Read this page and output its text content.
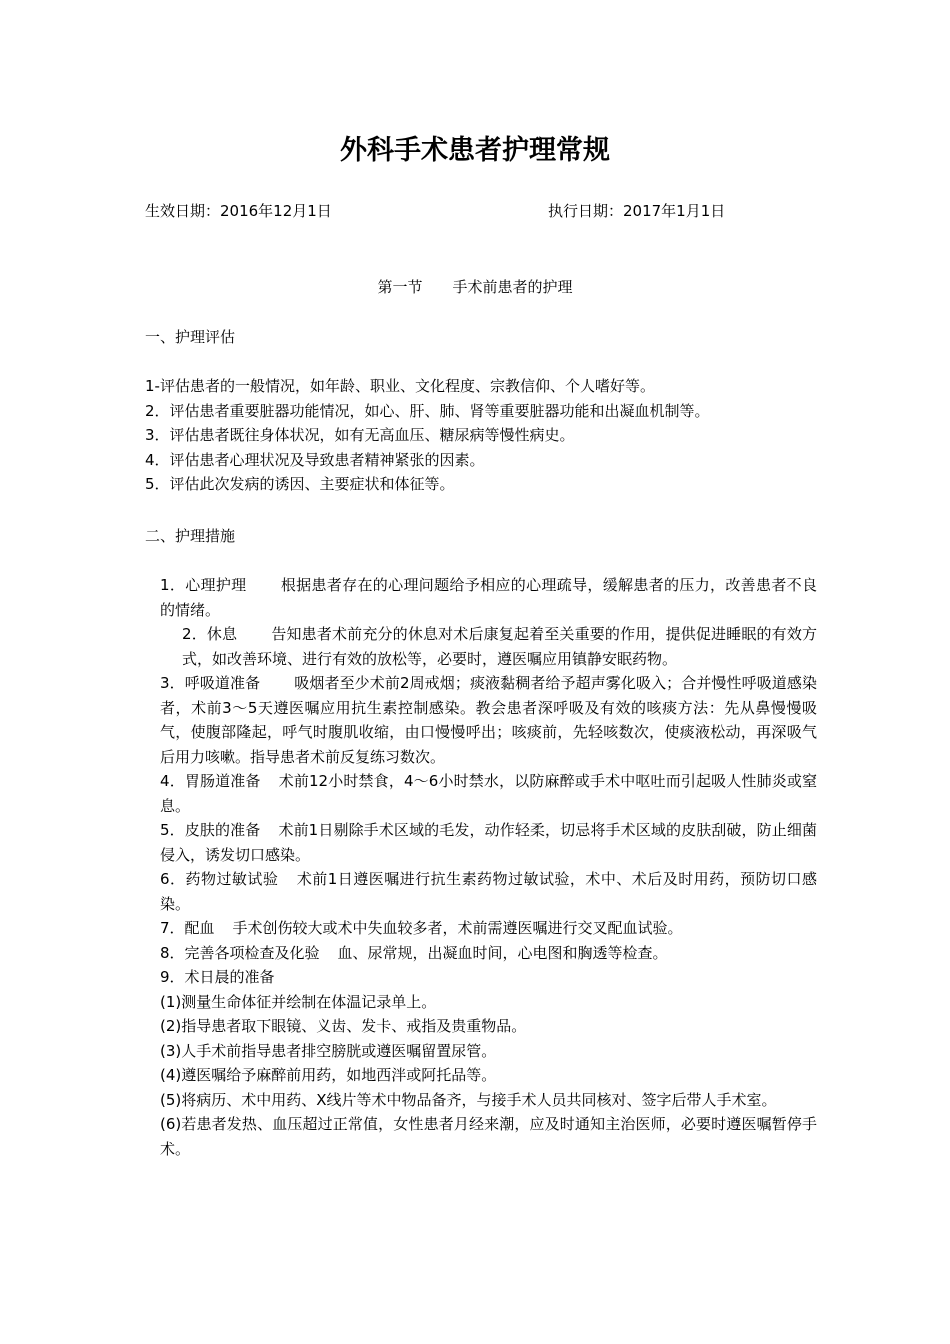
外科手术患者护理常规
生效日期：2016年12月1日	执行日期：2017年1月1日
第一节　　手术前患者的护理
一、护理评估
1-评估患者的一般情况，如年龄、职业、文化程度、宗教信仰、个人嗜好等。
2．评估患者重要脏器功能情况，如心、肝、肺、肾等重要脏器功能和出凝血机制等。
3．评估患者既往身体状况，如有无高血压、糖尿病等慢性病史。
4．评估患者心理状况及导致患者精神紧张的因素。
5．评估此次发病的诱因、主要症状和体征等。
二、护理措施

1．心理护理 根据患者存在的心理问题给予相应的心理疏导，缓解患者的压力，改善患者不良的情绪。

2．休息 告知患者术前充分的休息对术后康复起着至关重要的作用，提供促进睡眠的有效方式，如改善环境、进行有效的放松等，必要时，遵医嘱应用镇静安眠药物。

3．呼吸道准备 吸烟者至少术前2周戒烟；痰液黏稠者给予超声雾化吸入；合并慢性呼吸道感染者，术前3～5天遵医嘱应用抗生素控制感染。教会患者深呼吸及有效的咳痰方法：先从鼻慢慢吸气，使腹部隆起，呼气时腹肌收缩，由口慢慢呼出；咳痰前，先轻咳数次，使痰液松动，再深吸气后用力咳嗽。指导患者术前反复练习数次。

4．胃肠道准备 术前12小时禁食，4～6小时禁水，以防麻醉或手术中呕吐而引起吸人性肺炎或窒息。

5．皮肤的准备 术前1日剔除手术区域的毛发，动作轻柔，切忌将手术区域的皮肤刮破，防止细菌侵入，诱发切口感染。

6．药物过敏试验 术前1日遵医嘱进行抗生素药物过敏试验，术中、术后及时用药，预防切口感染。

7．配血 手术创伤较大或术中失血较多者，术前需遵医嘱进行交叉配血试验。

8．完善各项检查及化验 血、尿常规，出凝血时间，心电图和胸透等检查。

9．术日晨的准备

(1)测量生命体征并绘制在体温记录单上。

(2)指导患者取下眼镜、义齿、发卡、戒指及贵重物品。

(3)人手术前指导患者排空膀胱或遵医嘱留置尿管。

(4)遵医嘱给予麻醉前用药，如地西泮或阿托品等。

(5)将病历、术中用药、X线片等术中物品备齐，与接手术人员共同核对、签字后带人手术室。

(6)若患者发热、血压超过正常值，女性患者月经来潮，应及时通知主治医师，必要时遵医嘱暂停手术。
